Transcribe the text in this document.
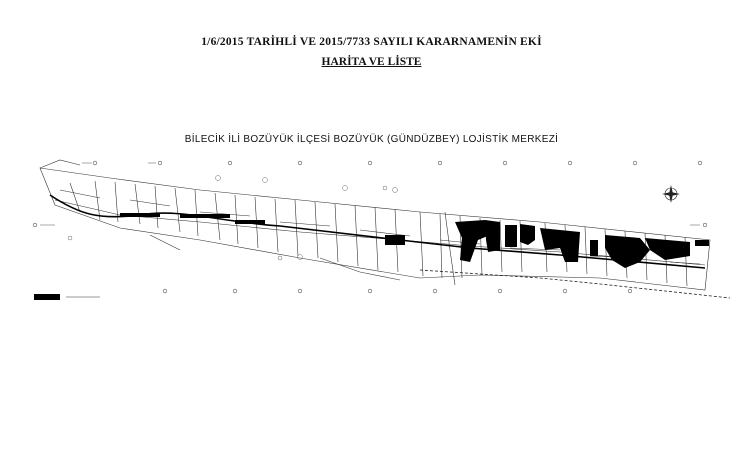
1/6/2015 TARİHLİ VE 2015/7733 SAYILI KARARNAMENİN EKİ
HARİTA VE LİSTE
BİLECİK İLİ BOZÜYÜK İLÇESİ BOZÜYÜK (GÜNDÜZBEY) LOJİSTİK MERKEZİ
